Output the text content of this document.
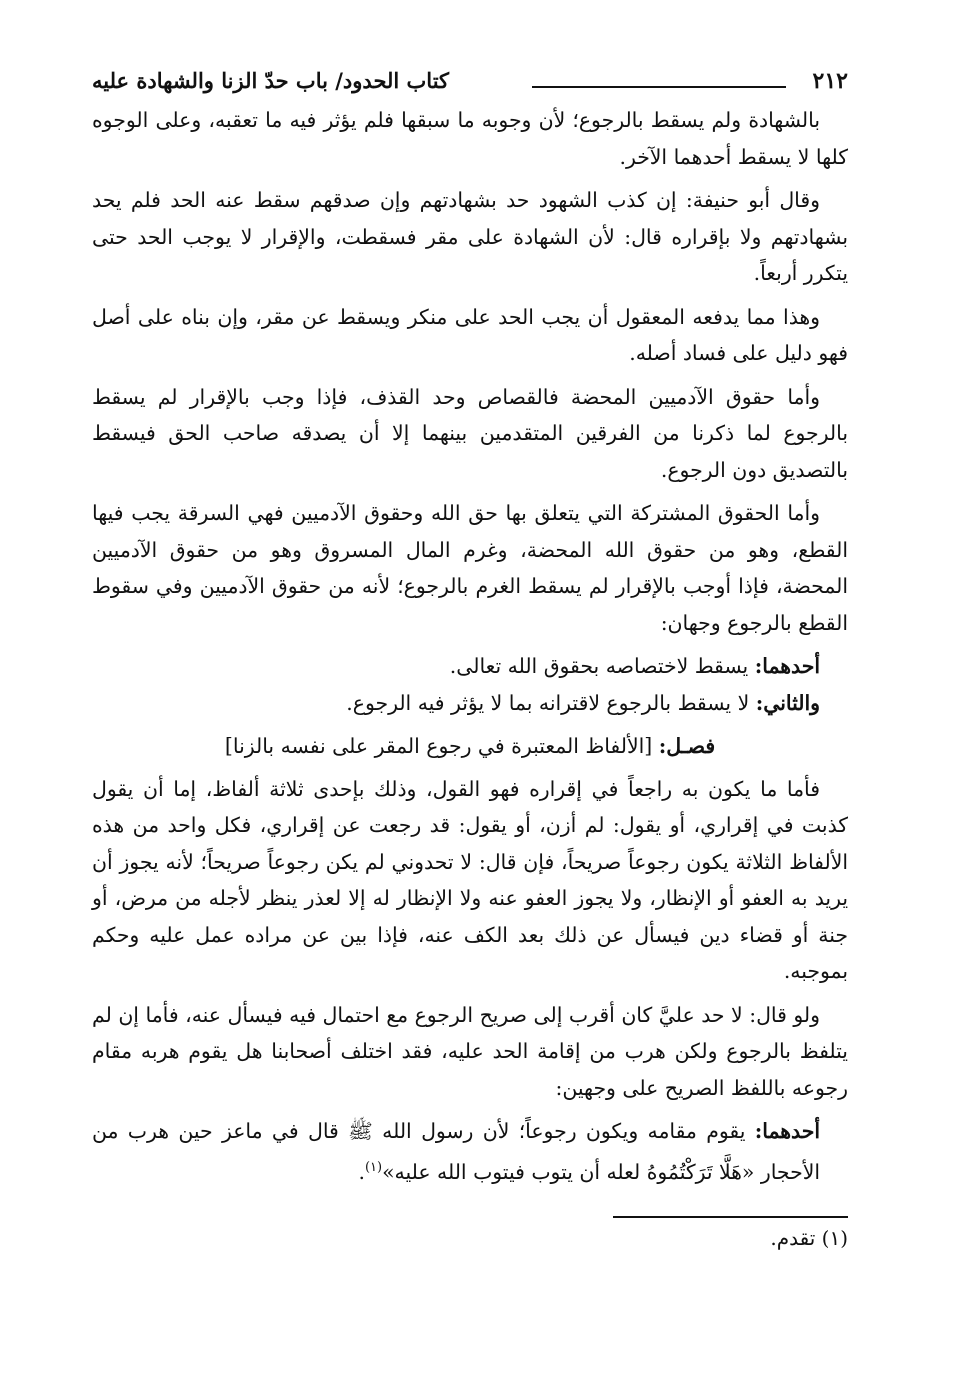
٢١٢
كتاب الحدود/ باب حدّ الزنا والشهادة عليه

بالشهادة ولم يسقط بالرجوع؛ لأن وجوبه ما سبقها فلم يؤثر فيه ما تعقبه، وعلى الوجوه كلها لا يسقط أحدهما الآخر.

وقال أبو حنيفة: إن كذب الشهود حد بشهادتهم وإن صدقهم سقط عنه الحد فلم يحد بشهادتهم ولا بإقراره قال: لأن الشهادة على مقر فسقطت، والإقرار لا يوجب الحد حتى يتكرر أربعاً.

وهذا مما يدفعه المعقول أن يجب الحد على منكر ويسقط عن مقر، وإن بناه على أصل فهو دليل على فساد أصله.

وأما حقوق الآدميين المحضة فالقصاص وحد القذف، فإذا وجب بالإقرار لم يسقط بالرجوع لما ذكرنا من الفرقين المتقدمين بينهما إلا أن يصدقه صاحب الحق فيسقط بالتصديق دون الرجوع.

وأما الحقوق المشتركة التي يتعلق بها حق الله وحقوق الآدميين فهي السرقة يجب فيها القطع، وهو من حقوق الله المحضة، وغرم المال المسروق وهو من حقوق الآدميين المحضة، فإذا أوجب بالإقرار لم يسقط الغرم بالرجوع؛ لأنه من حقوق الآدميين وفي سقوط القطع بالرجوع وجهان:

أحدهما: يسقط لاختصاصه بحقوق الله تعالى.

والثاني: لا يسقط بالرجوع لاقترانه بما لا يؤثر فيه الرجوع.

فصـل: [الألفاظ المعتبرة في رجوع المقر على نفسه بالزنا]

فأما ما يكون به راجعاً في إقراره فهو القول، وذلك بإحدى ثلاثة ألفاظ، إما أن يقول كذبت في إقراري، أو يقول: لم أزن، أو يقول: قد رجعت عن إقراري، فكل واحد من هذه الألفاظ الثلاثة يكون رجوعاً صريحاً، فإن قال: لا تحدوني لم يكن رجوعاً صريحاً؛ لأنه يجوز أن يريد به العفو أو الإنظار، ولا يجوز العفو عنه ولا الإنظار له إلا لعذر ينظر لأجله من مرض، أو جنة أو قضاء دين فيسأل عن ذلك بعد الكف عنه، فإذا بين عن مراده عمل عليه وحكم بموجبه.

ولو قال: لا حد عليَّ كان أقرب إلى صريح الرجوع مع احتمال فيه فيسأل عنه، فأما إن لم يتلفظ بالرجوع ولكن هرب من إقامة الحد عليه، فقد اختلف أصحابنا هل يقوم هربه مقام رجوعه باللفظ الصريح على وجهين:

أحدهما: يقوم مقامه ويكون رجوعاً؛ لأن رسول الله ﷺ قال في ماعز حين هرب من الأحجار «هَلَّا تَرَكْتُمُوهُ لعله أن يتوب فيتوب الله عليه»$^{(١)}$.

(١) تقدم.
